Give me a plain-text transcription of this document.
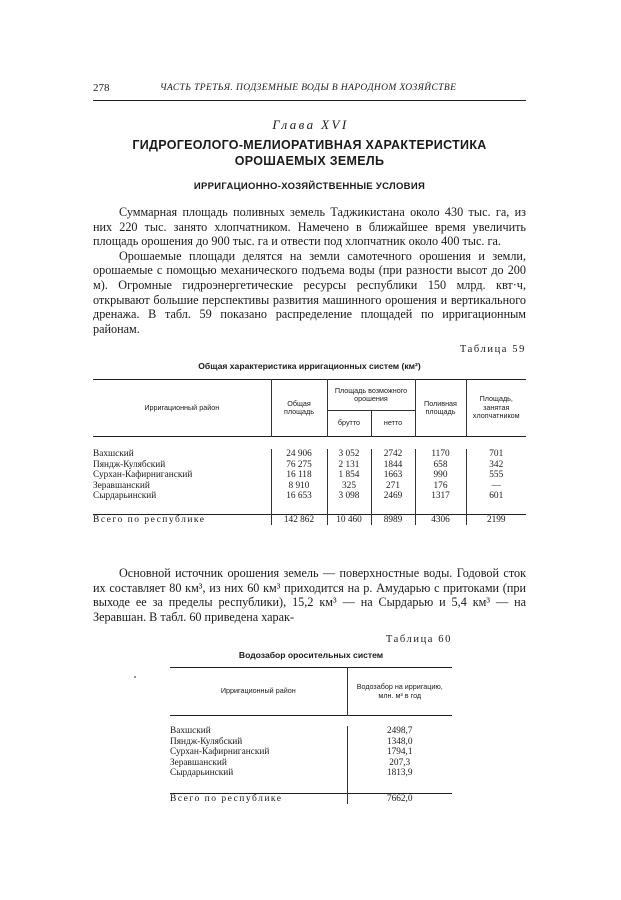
278	ЧАСТЬ ТРЕТЬЯ. ПОДЗЕМНЫЕ ВОДЫ В НАРОДНОМ ХОЗЯЙСТВЕ
Глава XVI
ГИДРОГЕОЛОГО-МЕЛИОРАТИВНАЯ ХАРАКТЕРИСТИКА
ОРОШАЕМЫХ ЗЕМЕЛЬ
ИРРИГАЦИОННО-ХОЗЯЙСТВЕННЫЕ УСЛОВИЯ

Суммарная площадь поливных земель Таджикистана около 430 тыс. га, из них 220 тыс. занято хлопчатником. Намечено в ближайшее время увеличить площадь орошения до 900 тыс. га и отвести под хлопчатник около 400 тыс. га.

Орошаемые площади делятся на земли самотечного орошения и земли, орошаемые с помощью механического подъема воды (при разности высот до 200 м). Огромные гидроэнергетические ресурсы республики 150 млрд. квт·ч, открывают большие перспективы развития машинного орошения и вертикального дренажа. В табл. 59 показано распределение площадей по ирригационным районам.

Таблица 59
Общая характеристика ирригационных систем (км²)
Ирригационный район	Общая площадь	Площадь возможного орошения		Поливная площадь	Площадь, занятая хлопчатником
		брутто	нетто		

Вахшский	24 906	3 052	2742	1170	701
Пяндж-Кулябский	76 275	2 131	1844	658	342
Сурхан-Кафирниганский	16 118	1 854	1663	990	555
Зеравшанский	8 910	325	271	176	—
Сырдарьинский	16 653	3 098	2469	1317	601
Всего по республике	142 862	10 460	8989	4306	2199

Основной источник орошения земель — поверхностные воды. Годовой сток их составляет 80 км³, из них 60 км³ приходится на р. Амударью с притоками (при выходе ее за пределы республики), 15,2 км³ — на Сырдарью и 5,4 км³ — на Зеравшан. В табл. 60 приведена харак-

Таблица 60
Водозабор оросительных систем
Ирригационный район	Водозабор на ирригацию, млн. м³ в год

Вахшский	2498,7
Пяндж-Кулябский	1348,0
Сурхан-Кафирниганский	1794,1
Зеравшанский	207,3
Сырдарьинский	1813,9
Всего по республике	7662,0
